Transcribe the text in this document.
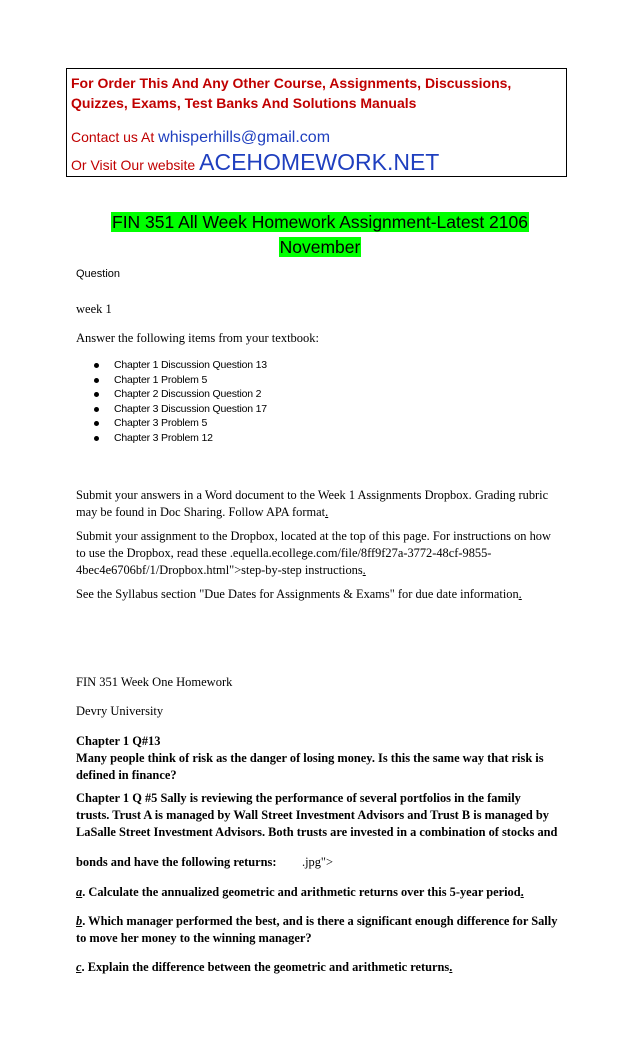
For Order This And Any Other Course, Assignments, Discussions,
Quizzes, Exams, Test Banks And Solutions Manuals
Contact us At whisperhills@gmail.com
Or Visit Our website ACEHOMEWORK.NET
FIN 351 All Week Homework Assignment-Latest 2106
November
Question
week 1
Answer the following items from your textbook:
Chapter 1 Discussion Question 13
Chapter 1 Problem 5
Chapter 2 Discussion Question 2
Chapter 3 Discussion Question 17
Chapter 3 Problem 5
Chapter 3 Problem 12
Submit your answers in a Word document to the Week 1 Assignments Dropbox. Grading rubric
may be found in Doc Sharing. Follow APA format.
Submit your assignment to the Dropbox, located at the top of this page. For instructions on how
to use the Dropbox, read these .equella.ecollege.com/file/8ff9f27a-3772-48cf-9855-
4bec4e6706bf/1/Dropbox.html">step-by-step instructions.
See the Syllabus section "Due Dates for Assignments & Exams" for due date information.
FIN 351 Week One Homework
Devry University
Chapter 1 Q#13
Many people think of risk as the danger of losing money. Is this the same way that risk is
defined in finance?
Chapter 1 Q #5 Sally is reviewing the performance of several portfolios in the family
trusts. Trust A is managed by Wall Street Investment Advisors and Trust B is managed by
LaSalle Street Investment Advisors. Both trusts are invested in a combination of stocks and
bonds and have the following returns: .jpg">
a. Calculate the annualized geometric and arithmetic returns over this 5-year period.
b. Which manager performed the best, and is there a significant enough difference for Sally
to move her money to the winning manager?
c. Explain the difference between the geometric and arithmetic returns.
